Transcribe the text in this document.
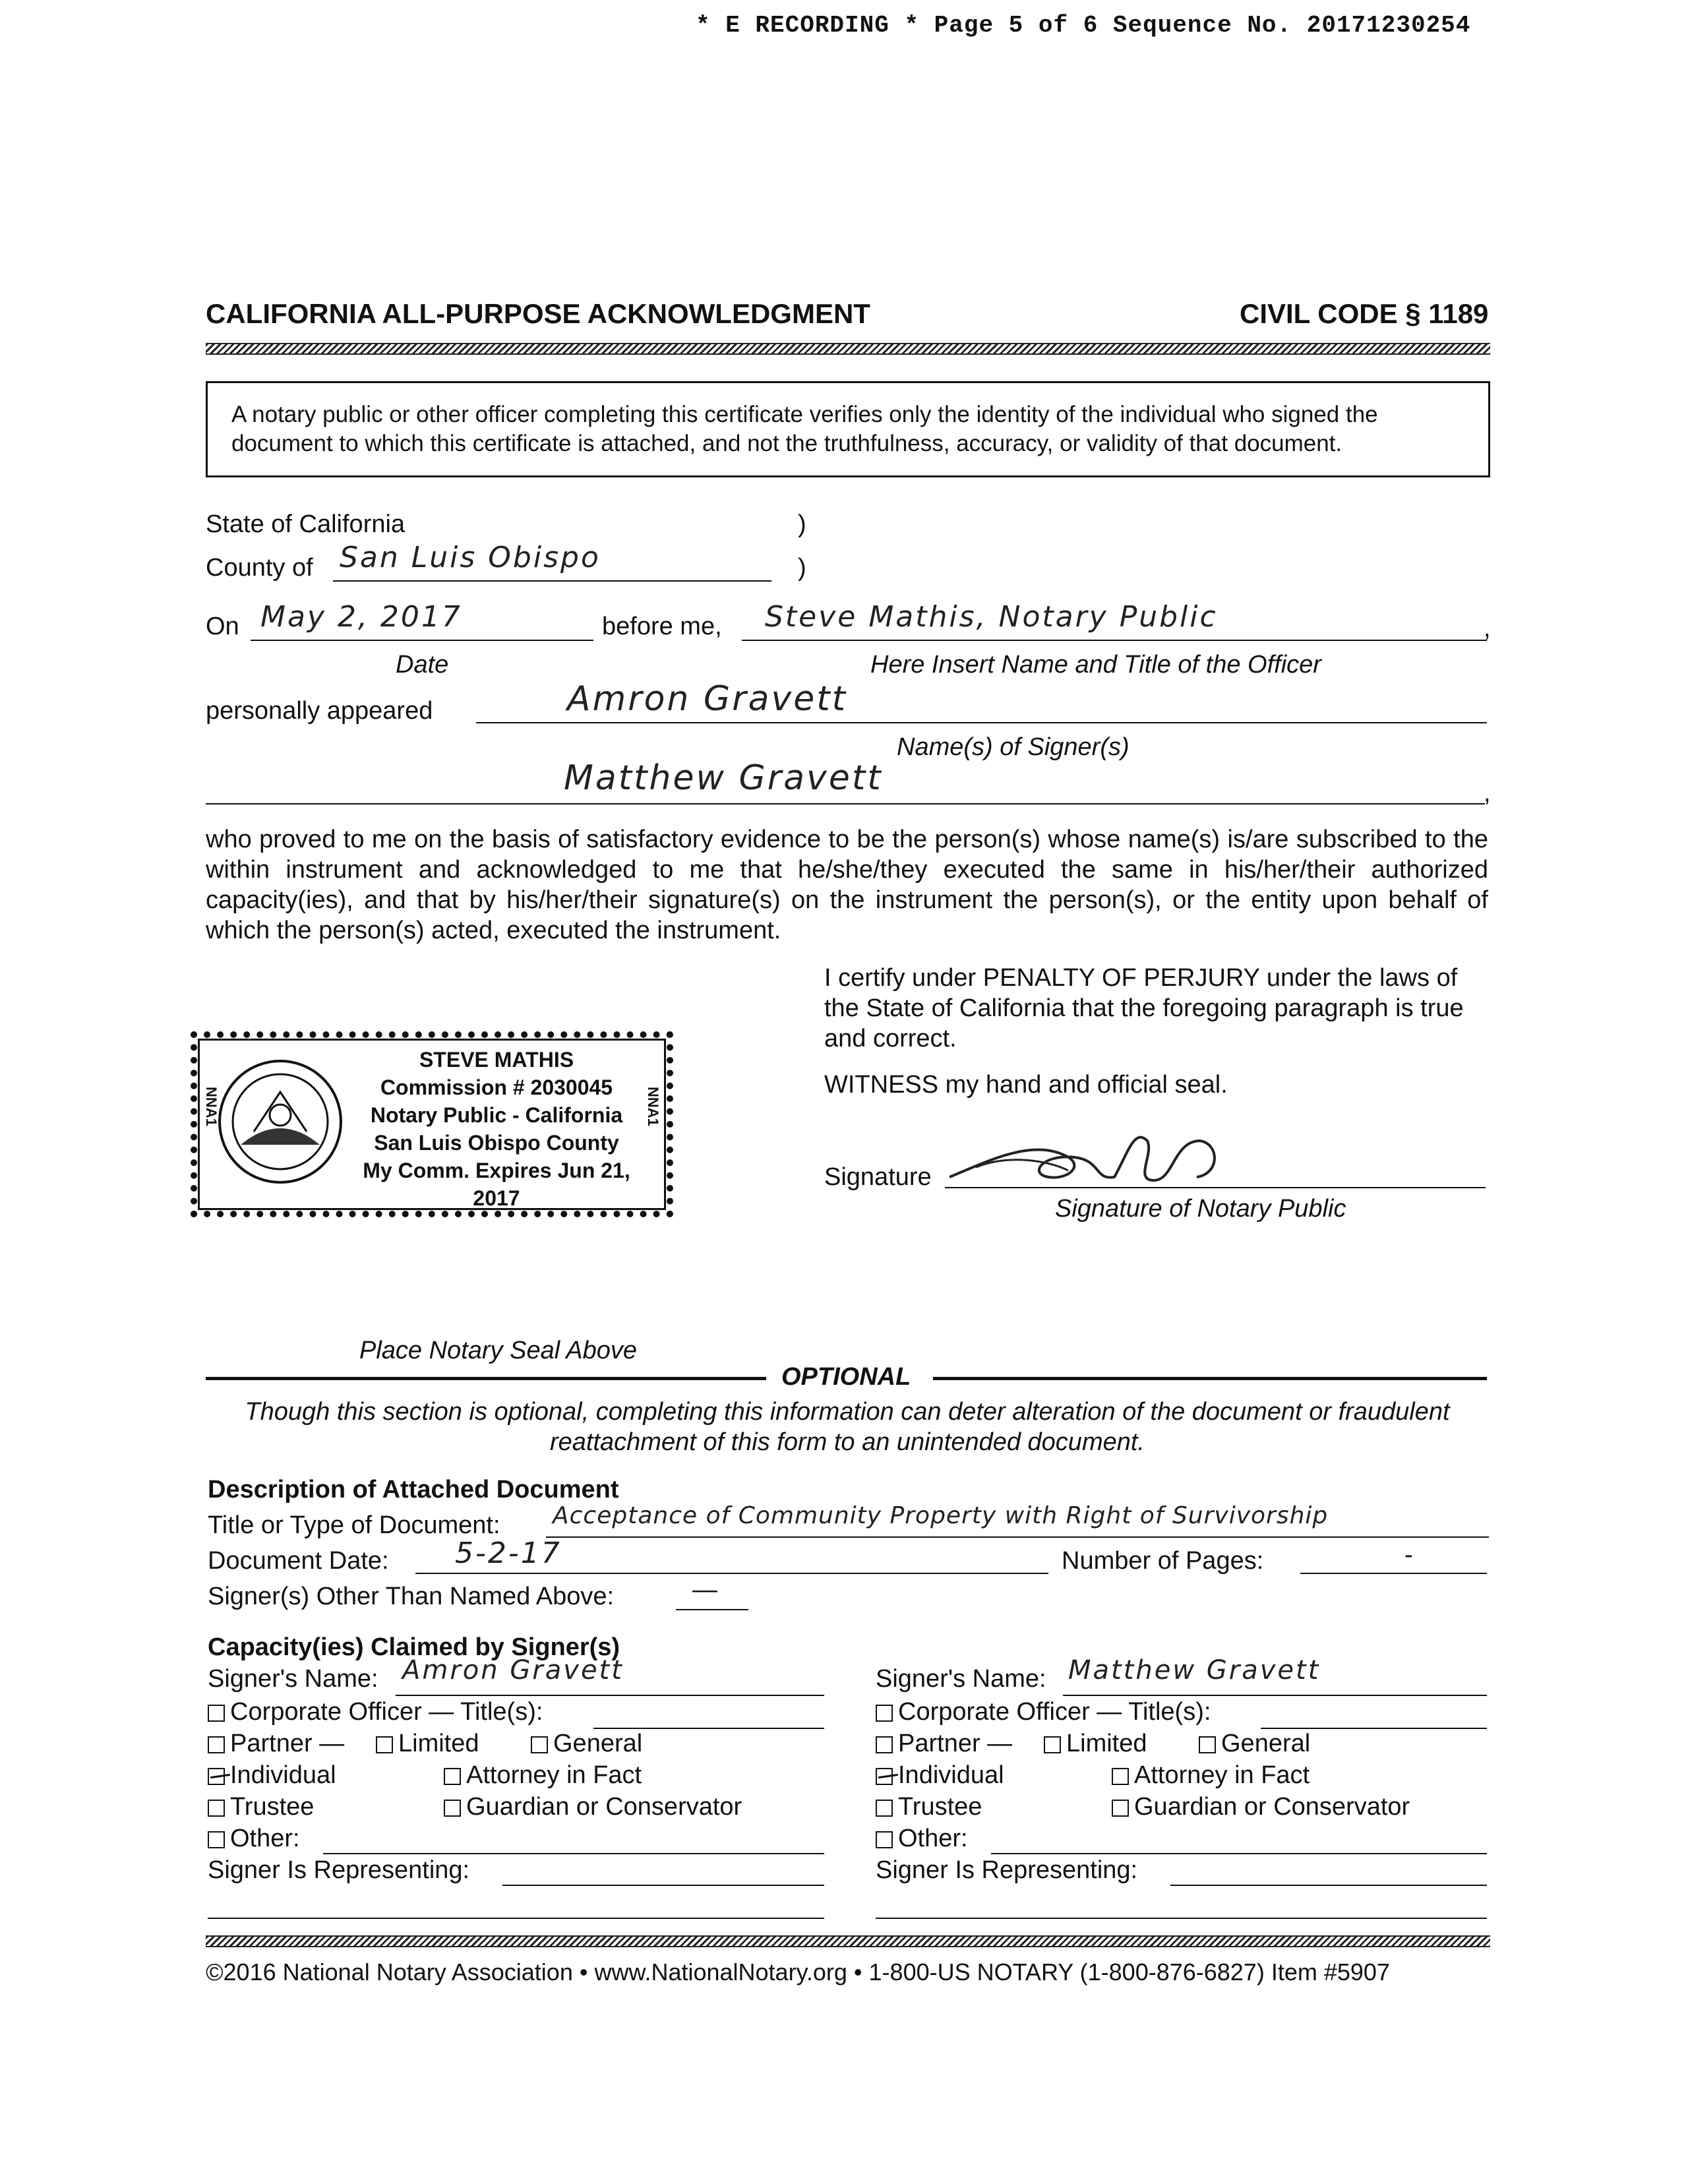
* E RECORDING * Page 5 of 6 Sequence No. 20171230254
CALIFORNIA ALL-PURPOSE ACKNOWLEDGMENT	CIVIL CODE § 1189
A notary public or other officer completing this certificate verifies only the identity of the individual who signed the document to which this certificate is attached, and not the truthfulness, accuracy, or validity of that document.
State of California	)
County of San Luis Obispo	)
On May 2, 2017	before me, Steve Mathis, Notary Public	,
Date	Here Insert Name and Title of the Officer
personally appeared	Amron Gravett
Name(s) of Signer(s)
Matthew Gravett	,
who proved to me on the basis of satisfactory evidence to be the person(s) whose name(s) is/are subscribed to the within instrument and acknowledged to me that he/she/they executed the same in his/her/their authorized capacity(ies), and that by his/her/their signature(s) on the instrument the person(s), or the entity upon behalf of which the person(s) acted, executed the instrument.
I certify under PENALTY OF PERJURY under the laws of the State of California that the foregoing paragraph is true and correct.
WITNESS my hand and official seal.
Signature
Signature of Notary Public
NNA1	NNA1
STEVE MATHIS
Commission # 2030045
Notary Public - California
San Luis Obispo County
My Comm. Expires Jun 21, 2017
Place Notary Seal Above
OPTIONAL
Though this section is optional, completing this information can deter alteration of the document or fraudulent reattachment of this form to an unintended document.
Description of Attached Document
Title or Type of Document: Acceptance of Community Property with Right of Survivorship
Document Date: 5-2-17	Number of Pages:	-
Signer(s) Other Than Named Above:	—
Capacity(ies) Claimed by Signer(s)
Signer's Name: Amron Gravett
Corporate Officer — Title(s):
Partner —	Limited	General
Individual	Attorney in Fact
Trustee	Guardian or Conservator
Other:
Signer Is Representing:
Signer's Name: Matthew Gravett
Corporate Officer — Title(s):
Partner —	Limited	General
Individual	Attorney in Fact
Trustee	Guardian or Conservator
Other:
Signer Is Representing:
©2016 National Notary Association • www.NationalNotary.org • 1-800-US NOTARY (1-800-876-6827) Item #5907
